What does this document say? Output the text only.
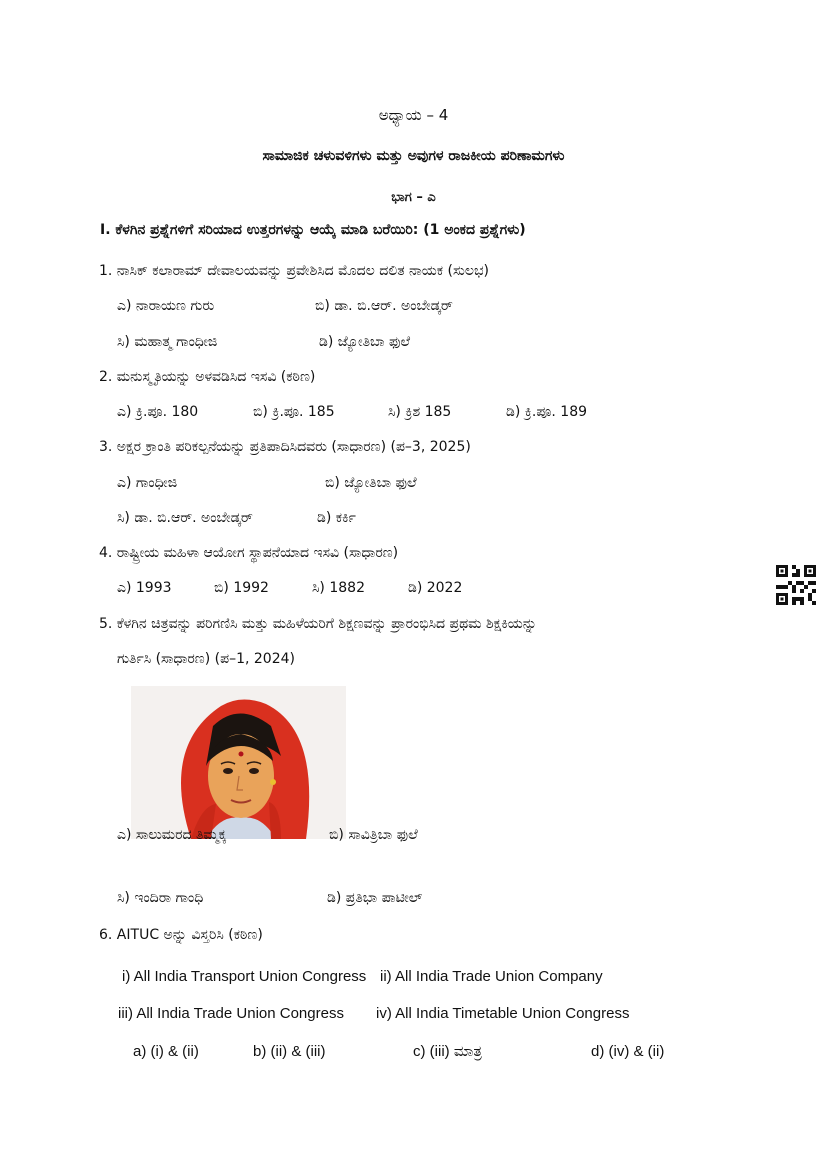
ಅಧ್ಯಾಯ – 4
ಸಾಮಾಜಿಕ ಚಳುವಳಿಗಳು ಮತ್ತು ಅವುಗಳ ರಾಜಕೀಯ ಪರಿಣಾಮಗಳು
ಭಾಗ – ಎ
I. ಕೆಳಗಿನ ಪ್ರಶ್ನೆಗಳಿಗೆ ಸರಿಯಾದ ಉತ್ತರಗಳನ್ನು ಆಯ್ಕೆ ಮಾಡಿ ಬರೆಯಿರಿ: (1 ಅಂಕದ ಪ್ರಶ್ನೆಗಳು)
1. ನಾಸಿಕ್ ಕಲಾರಾಮ್ ದೇವಾಲಯವನ್ನು ಪ್ರವೇಶಿಸಿದ ಮೊದಲ ದಲಿತ ನಾಯಕ (ಸುಲಭ)
ಎ) ನಾರಾಯಣ ಗುರು	ಬಿ) ಡಾ. ಬಿ.ಆರ್. ಅಂಬೇಡ್ಕರ್
ಸಿ) ಮಹಾತ್ಮ ಗಾಂಧೀಜಿ	ಡಿ) ಜ್ಯೋತಿಬಾ ಫುಲೆ
2. ಮನುಸ್ಮೃತಿಯನ್ನು ಅಳವಡಿಸಿದ ಇಸವಿ (ಕಠಿಣ)
ಎ) ಕ್ರಿ.ಪೂ. 180	ಬಿ) ಕ್ರಿ.ಪೂ. 185	ಸಿ) ಕ್ರಿಶ 185	ಡಿ) ಕ್ರಿ.ಪೂ. 189
3. ಅಕ್ಷರ ಕ್ರಾಂತಿ ಪರಿಕಲ್ಪನೆಯನ್ನು ಪ್ರತಿಪಾದಿಸಿದವರು (ಸಾಧಾರಣ) (ಪ–3, 2025)
ಎ) ಗಾಂಧೀಜಿ	ಬಿ) ಜ್ಯೋತಿಬಾ ಫುಲೆ
ಸಿ) ಡಾ. ಬಿ.ಆರ್. ಅಂಬೇಡ್ಕರ್	ಡಿ) ಕರ್ಕಿ
4. ರಾಷ್ಟ್ರೀಯ ಮಹಿಳಾ ಆಯೋಗ ಸ್ಥಾಪನೆಯಾದ ಇಸವಿ (ಸಾಧಾರಣ)
ಎ) 1993	ಬಿ) 1992	ಸಿ) 1882	ಡಿ) 2022
5. ಕೆಳಗಿನ ಚಿತ್ರವನ್ನು ಪರಿಗಣಿಸಿ ಮತ್ತು ಮಹಿಳೆಯರಿಗೆ ಶಿಕ್ಷಣವನ್ನು ಪ್ರಾರಂಭಿಸಿದ ಪ್ರಥಮ ಶಿಕ್ಷಕಿಯನ್ನು
ಗುರ್ತಿಸಿ (ಸಾಧಾರಣ) (ಪ–1, 2024)
ಎ) ಸಾಲುಮರದ ತಿಮ್ಮಕ್ಕ	ಬಿ) ಸಾವಿತ್ರಿಬಾ ಫುಲೆ
ಸಿ) ಇಂದಿರಾ ಗಾಂಧಿ	ಡಿ) ಪ್ರತಿಭಾ ಪಾಟೀಲ್
6. AITUC ಅನ್ನು ವಿಸ್ತರಿಸಿ (ಕಠಿಣ)
i) All India Transport Union Congress ii) All India Trade Union Company
iii) All India Trade Union Congress iv) All India Timetable Union Congress
a) (i) & (ii)	b) (ii) & (iii)	c) (iii) ಮಾತ್ರ	d) (iv) & (ii)
